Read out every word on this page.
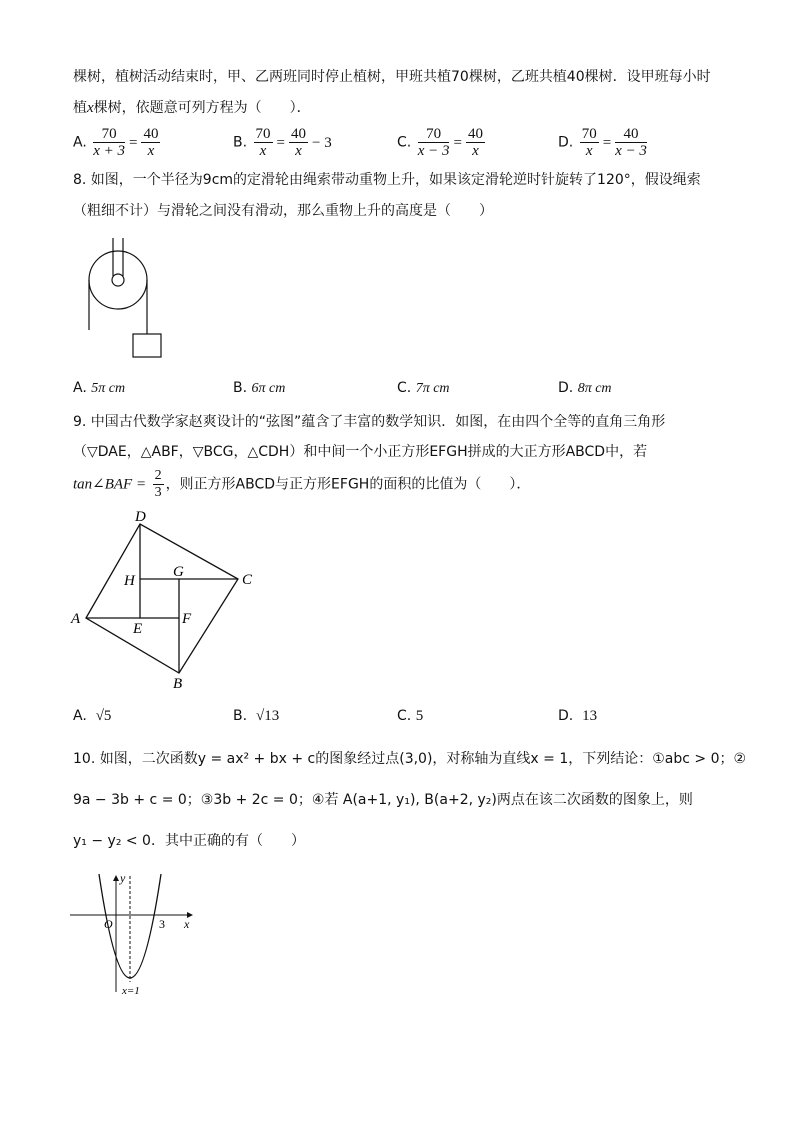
棵树，植树活动结束时，甲、乙两班同时停止植树，甲班共植70棵树，乙班共植40棵树．设甲班每小时
植x棵树，依题意可列方程为（　　）．
A. $\frac{70}{x + 3} = \frac{40}{x}$	B. $\frac{70}{x} = \frac{40}{x} - 3$	C. $\frac{70}{x - 3} = \frac{40}{x}$	D. $\frac{70}{x} = \frac{40}{x - 3}$
8. 如图，一个半径为9cm的定滑轮由绳索带动重物上升，如果该定滑轮逆时针旋转了120°，假设绳索
（粗细不计）与滑轮之间没有滑动，那么重物上升的高度是（　　）
A. 5π cm	B. 6π cm	C. 7π cm	D. 8π cm
9. 中国古代数学家赵爽设计的“弦图”蕴含了丰富的数学知识．如图，在由四个全等的直角三角形
（▽DAE，△ABF，▽BCG，△CDH）和中间一个小正方形EFGH拼成的大正方形ABCD中，若
tan∠BAF = $\frac{2}{3}$ ，则正方形ABCD与正方形EFGH的面积的比值为（　　）．
D
A
C
B
H
G
E
F
A. √5	B. √13	C. 5	D. 13
10. 如图，二次函数y = ax² + bx + c的图象经过点(3,0)，对称轴为直线x = 1，下列结论：①abc > 0；②
9a − 3b + c = 0；③3b + 2c = 0；④若 A(a+1, y₁), B(a+2, y₂)两点在该二次函数的图象上，则
y₁ − y₂ < 0．其中正确的有（　　）
y
x
O	3
x=1
